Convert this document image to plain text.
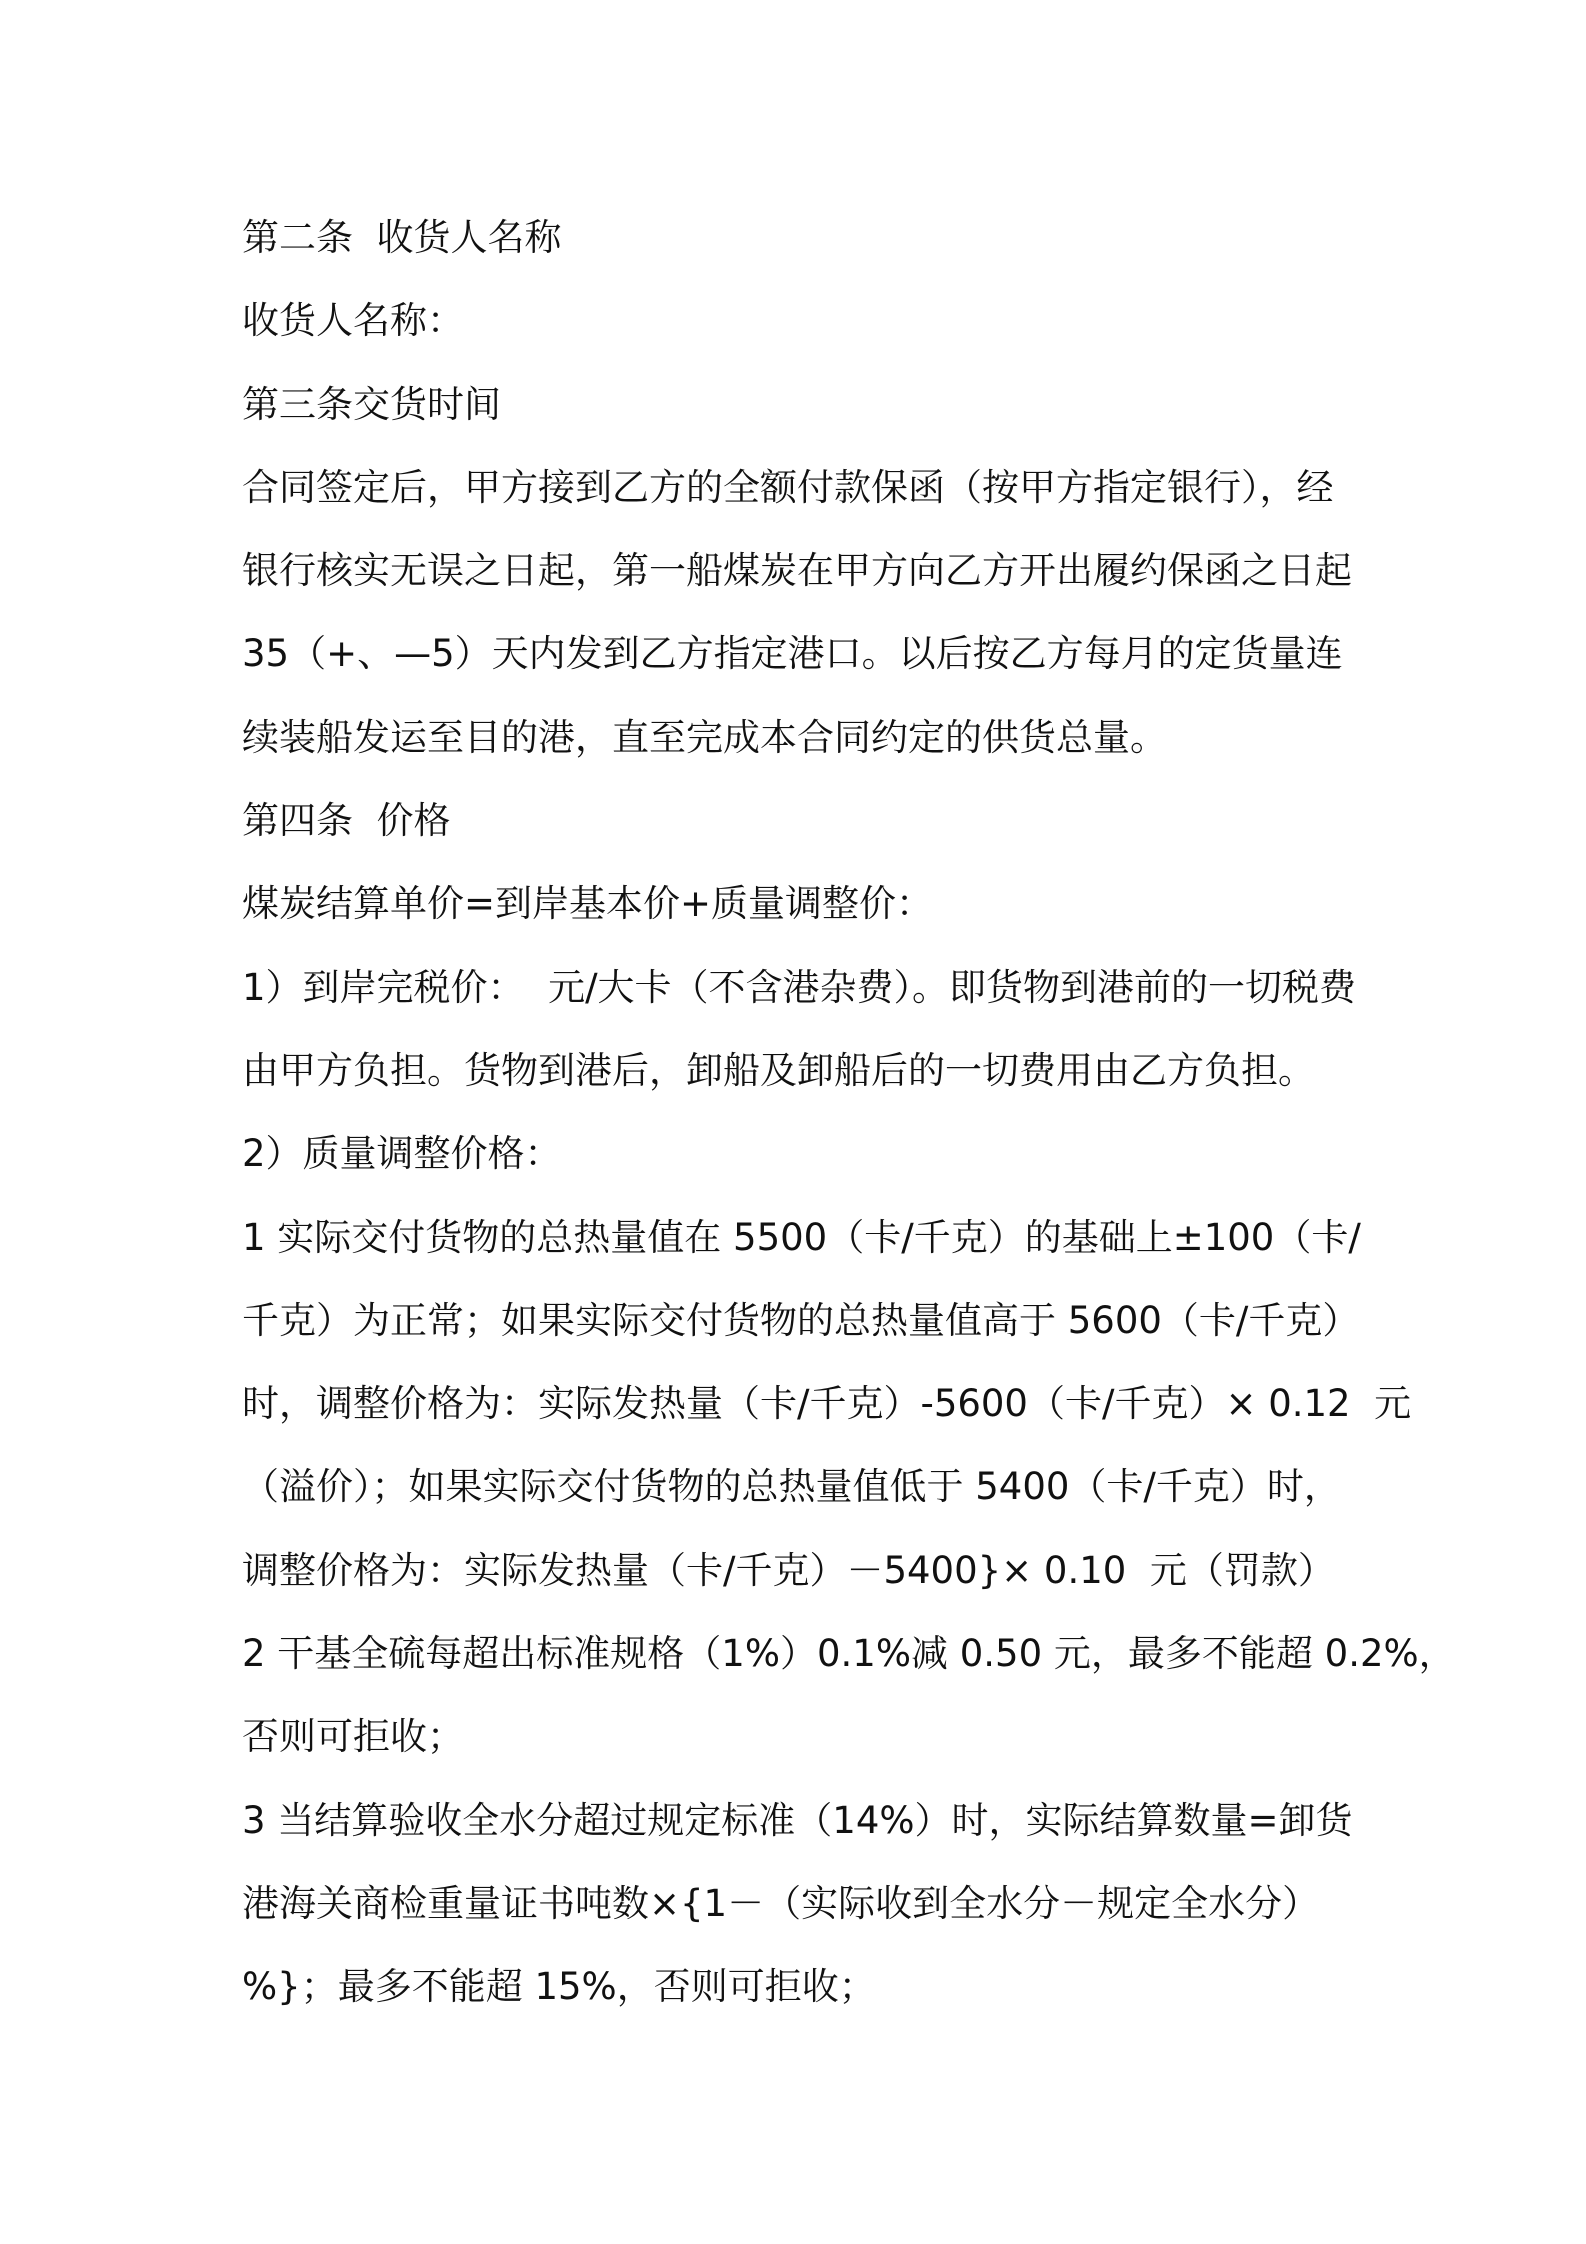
第二条  收货人名称
收货人名称：
第三条交货时间
合同签定后，甲方接到乙方的全额付款保函（按甲方指定银行），经
银行核实无误之日起，第一船煤炭在甲方向乙方开出履约保函之日起
35（+、—5）天内发到乙方指定港口。以后按乙方每月的定货量连
续装船发运至目的港，直至完成本合同约定的供货总量。
第四条  价格
煤炭结算单价=到岸基本价+质量调整价：
1）到岸完税价：  元/大卡（不含港杂费）。即货物到港前的一切税费
由甲方负担。货物到港后，卸船及卸船后的一切费用由乙方负担。
2）质量调整价格：
1 实际交付货物的总热量值在 5500（卡/千克）的基础上±100（卡/
千克）为正常；如果实际交付货物的总热量值高于 5600（卡/千克）
时，调整价格为：实际发热量（卡/千克）-5600（卡/千克）× 0.12  元
（溢价）；如果实际交付货物的总热量值低于 5400（卡/千克）时，
调整价格为：实际发热量（卡/千克）－5400}× 0.10  元（罚款）
2 干基全硫每超出标准规格（1%）0.1%减 0.50 元，最多不能超 0.2%，
否则可拒收；
3 当结算验收全水分超过规定标准（14%）时，实际结算数量=卸货
港海关商检重量证书吨数×{1－（实际收到全水分－规定全水分）
%}；最多不能超 15%，否则可拒收；
